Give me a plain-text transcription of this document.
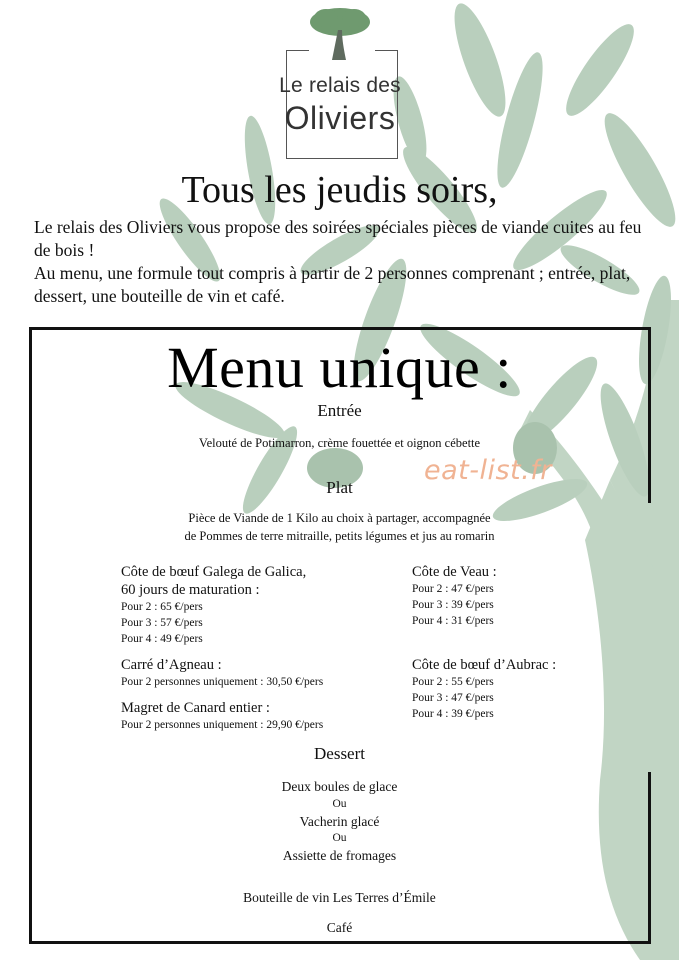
Le relais des
Oliviers
Tous les jeudis soirs,

Le relais des Oliviers vous propose des soirées spéciales pièces de viande cuites au feu de bois !

Au menu, une formule tout compris à partir de 2 personnes comprenant ; entrée, plat, dessert, une bouteille de vin et café.

Menu unique :
Entrée
Velouté de Potimarron, crème fouettée et oignon cébette
eat-list.fr
Plat
Pièce de Viande de 1 Kilo au choix à partager, accompagnée
de Pommes de terre mitraille, petits légumes et jus au romarin

Côte de bœuf Galega de Galica,

60 jours de maturation :

Pour 2 : 65 €/pers

Pour 3 : 57 €/pers

Pour 4 : 49 €/pers

Carré d’Agneau :

Pour 2 personnes uniquement : 30,50 €/pers

Magret de Canard entier :

Pour 2 personnes uniquement : 29,90 €/pers

Côte de Veau :

Pour 2 : 47 €/pers

Pour 3 : 39 €/pers

Pour 4 : 31 €/pers

Côte de bœuf d’Aubrac :

Pour 2 : 55 €/pers

Pour 3 : 47 €/pers

Pour 4 : 39 €/pers

Dessert
Deux boules de glace
Ou
Vacherin glacé
Ou
Assiette de fromages
Bouteille de vin Les Terres d’Émile
Café
